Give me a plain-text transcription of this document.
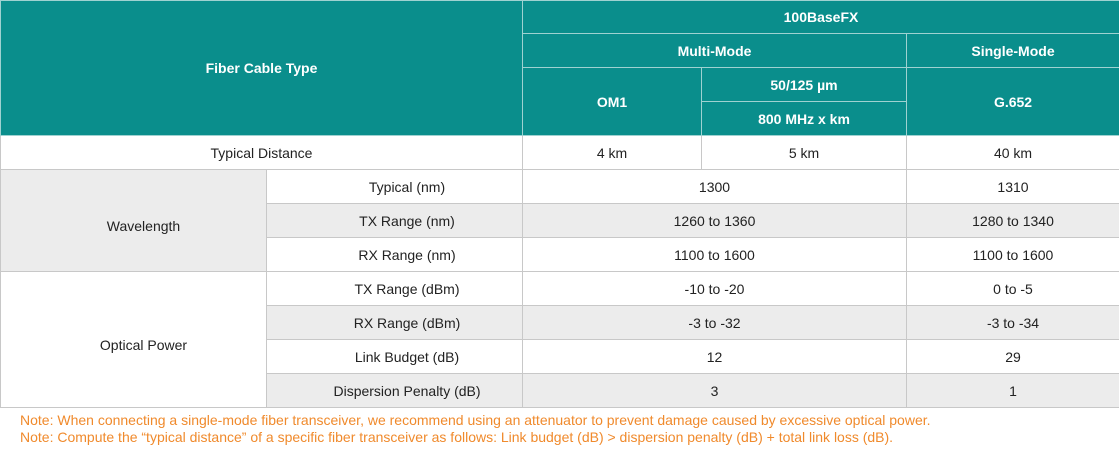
Fiber Cable Type		100BaseFX		
		Multi-Mode		Single-Mode
		OM1	50/125 µm	G.652
			800 MHz x km	
Typical Distance		4 km	5 km	40 km

Wavelength	Typical (nm)	1300		1310

	TX Range (nm)	1260 to 1360		1280 to 1340

	RX Range (nm)	1100 to 1600		1100 to 1600

Optical Power	TX Range (dBm)	-10 to -20		0 to -5

	RX Range (dBm)	-3 to -32		-3 to -34

	Link Budget (dB)	12		29

	Dispersion Penalty (dB)	3		1
Note: When connecting a single-mode fiber transceiver, we recommend using an attenuator to prevent damage caused by excessive optical power.
Note: Compute the “typical distance” of a specific fiber transceiver as follows: Link budget (dB) > dispersion penalty (dB) + total link loss (dB).
